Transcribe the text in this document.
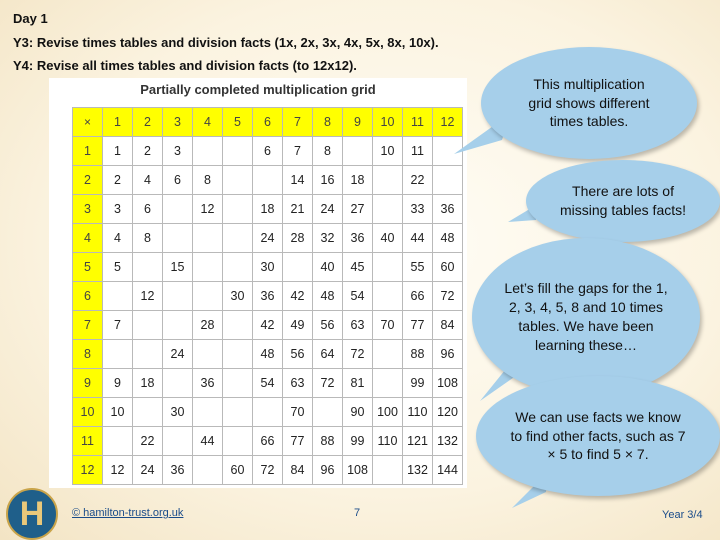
Day 1
Y3: Revise times tables and division facts (1x, 2x, 3x, 4x, 5x, 8x, 10x).
Y4: Revise all times tables and division facts (to 12x12).
Partially completed multiplication grid
×	1	2	3	4	5	6	7	8	9	10	11	12
1	1	2	3			6	7	8		10	11	
2	2	4	6	8			14	16	18		22	
3	3	6		12		18	21	24	27		33	36
4	4	8				24	28	32	36	40	44	48
5	5		15			30		40	45		55	60
6		12			30	36	42	48	54		66	72
7	7			28		42	49	56	63	70	77	84
8			24			48	56	64	72		88	96
9	9	18		36		54	63	72	81		99	108
10	10		30				70		90	100	110	120
11		22		44		66	77	88	99	110	121	132
12	12	24	36		60	72	84	96	108		132	144
This multiplication grid shows different times tables.
There are lots of missing tables facts!
Let’s fill the gaps for the 1, 2, 3, 4, 5, 8 and 10 times tables. We have been learning these…
We can use facts we know to find other facts, such as 7 × 5 to find 5 × 7.
H	© hamilton-trust.org.uk	7	Year 3/4
